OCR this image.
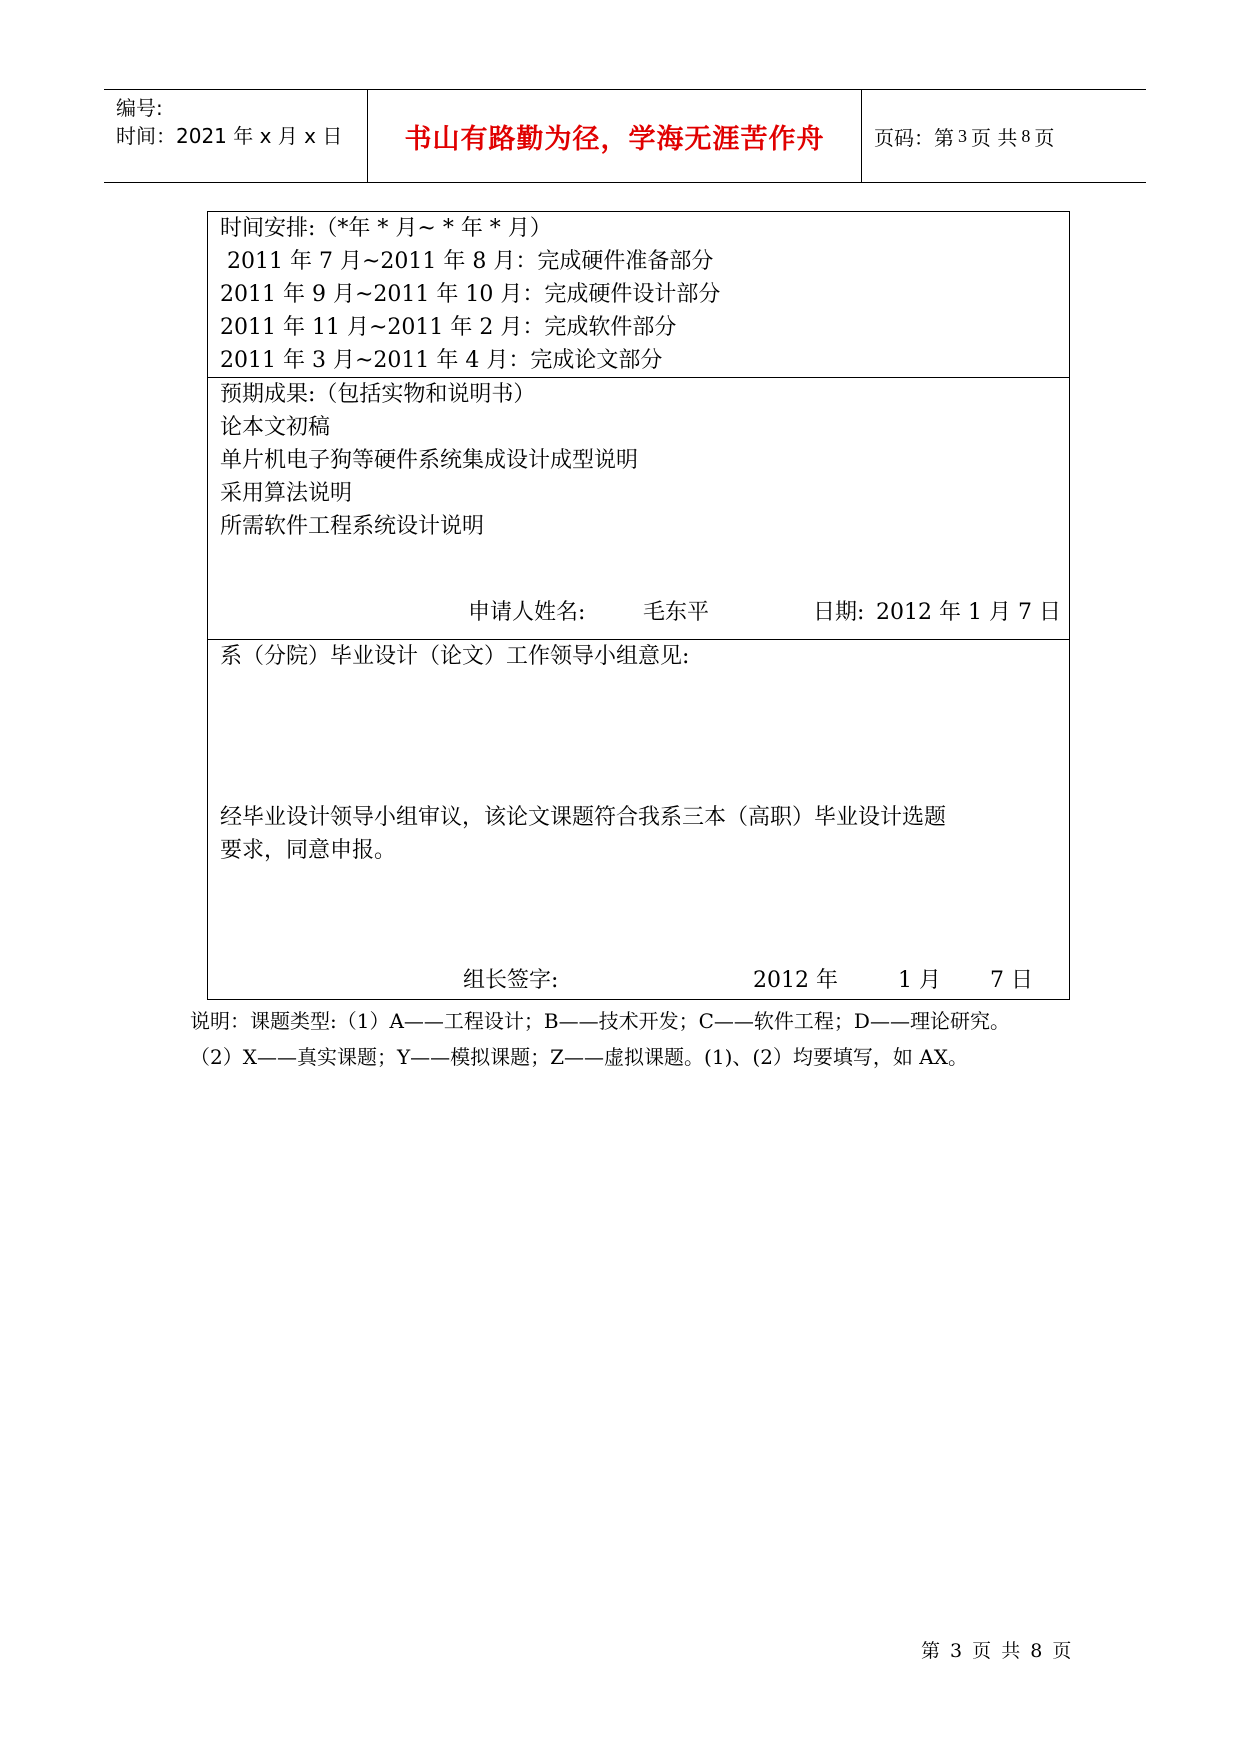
编号:
时间：2021 年 x 月 x 日	书山有路勤为径，学海无涯苦作舟	页码：第 3 页 共 8 页
时间安排:（*年 * 月~ * 年 * 月）
2011 年 7 月~2011 年 8 月：完成硬件准备部分
2011 年 9 月~2011 年 10 月：完成硬件设计部分
2011 年 11 月~2011 年 2 月：完成软件部分
2011 年 3 月~2011 年 4 月：完成论文部分
预期成果:（包括实物和说明书）
论本文初稿
单片机电子狗等硬件系统集成设计成型说明
采用算法说明
所需软件工程系统设计说明
申请人姓名:	毛东平	日期: 2012 年 1 月 7 日
系（分院）毕业设计（论文）工作领导小组意见:
经毕业设计领导小组审议，该论文课题符合我系三本（高职）毕业设计选题
要求，同意申报。
组长签字:	2012 年	1 月 7 日
说明：课题类型:（1）A——工程设计；B——技术开发；C——软件工程；D——理论研究。
（2）X——真实课题；Y——模拟课题；Z——虚拟课题。(1)、(2）均要填写，如 AX。
第 3 页 共 8 页
